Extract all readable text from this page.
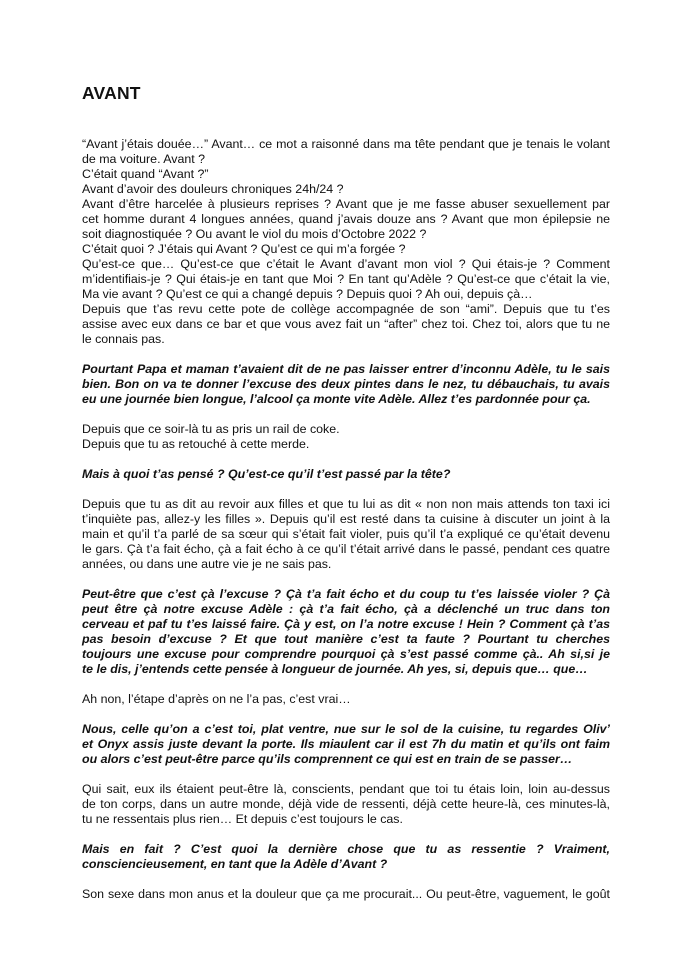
AVANT
“Avant j’étais douée…” Avant… ce mot a raisonné dans ma tête pendant que je tenais le volant
de ma voiture. Avant ?
C’était quand “Avant ?”
Avant d’avoir des douleurs chroniques 24h/24 ?
Avant d’être harcelée à plusieurs reprises ? Avant que je me fasse abuser sexuellement par
cet homme durant 4 longues années, quand j’avais douze ans ? Avant que mon épilepsie ne
soit diagnostiquée ? Ou avant le viol du mois d’Octobre 2022 ?
C’était quoi ? J’étais qui Avant ? Qu’est ce qui m’a forgée ?
Qu’est-ce que… Qu’est-ce que c’était le Avant d’avant mon viol ? Qui étais-je ? Comment
m’identifiais-je ? Qui étais-je en tant que Moi ? En tant qu’Adèle ? Qu’est-ce que c’était la vie,
Ma vie avant ? Qu’est ce qui a changé depuis ? Depuis quoi ? Ah oui, depuis çà…
Depuis que t’as revu cette pote de collège accompagnée de son “ami”. Depuis que tu t’es
assise avec eux dans ce bar et que vous avez fait un “after” chez toi. Chez toi, alors que tu ne
le connais pas.
Pourtant Papa et maman t’avaient dit de ne pas laisser entrer d’inconnu Adèle, tu le sais
bien. Bon on va te donner l’excuse des deux pintes dans le nez, tu débauchais, tu avais
eu une journée bien longue, l’alcool ça monte vite Adèle. Allez t’es pardonnée pour ça.
Depuis que ce soir-là tu as pris un rail de coke.
Depuis que tu as retouché à cette merde.
Mais à quoi t’as pensé ? Qu’est-ce qu’il t’est passé par la tête?
Depuis que tu as dit au revoir aux filles et que tu lui as dit « non non mais attends ton taxi ici
t’inquiète pas, allez-y les filles ». Depuis qu’il est resté dans ta cuisine à discuter un joint à la
main et qu’il t’a parlé de sa sœur qui s’était fait violer, puis qu’il t’a expliqué ce qu’était devenu
le gars. Çà t’a fait écho, çà a fait écho à ce qu’il t’était arrivé dans le passé, pendant ces quatre
années, ou dans une autre vie je ne sais pas.
Peut-être que c’est çà l’excuse ? Çà t’a fait écho et du coup tu t’es laissée violer ? Çà
peut être çà notre excuse Adèle : çà t’a fait écho, çà a déclenché un truc dans ton
cerveau et paf tu t’es laissé faire. Çà y est, on l’a notre excuse ! Hein ? Comment çà t’as
pas besoin d’excuse ? Et que tout manière c’est ta faute ? Pourtant tu cherches
toujours une excuse pour comprendre pourquoi çà s’est passé comme çà.. Ah si,si je
te le dis, j’entends cette pensée à longueur de journée. Ah yes, si, depuis que… que…
Ah non, l’étape d’après on ne l’a pas, c’est vrai…
Nous, celle qu’on a c’est toi, plat ventre, nue sur le sol de la cuisine, tu regardes Oliv’
et Onyx assis juste devant la porte. Ils miaulent car il est 7h du matin et qu’ils ont faim
ou alors c’est peut-être parce qu’ils comprennent ce qui est en train de se passer…
Qui sait, eux ils étaient peut-être là, conscients, pendant que toi tu étais loin, loin au-dessus
de ton corps, dans un autre monde, déjà vide de ressenti, déjà cette heure-là, ces minutes-là,
tu ne ressentais plus rien… Et depuis c’est toujours le cas.
Mais en fait ? C’est quoi la dernière chose que tu as ressentie ? Vraiment,
consciencieusement, en tant que la Adèle d’Avant ?
Son sexe dans mon anus et la douleur que ça me procurait... Ou peut-être, vaguement, le goût
